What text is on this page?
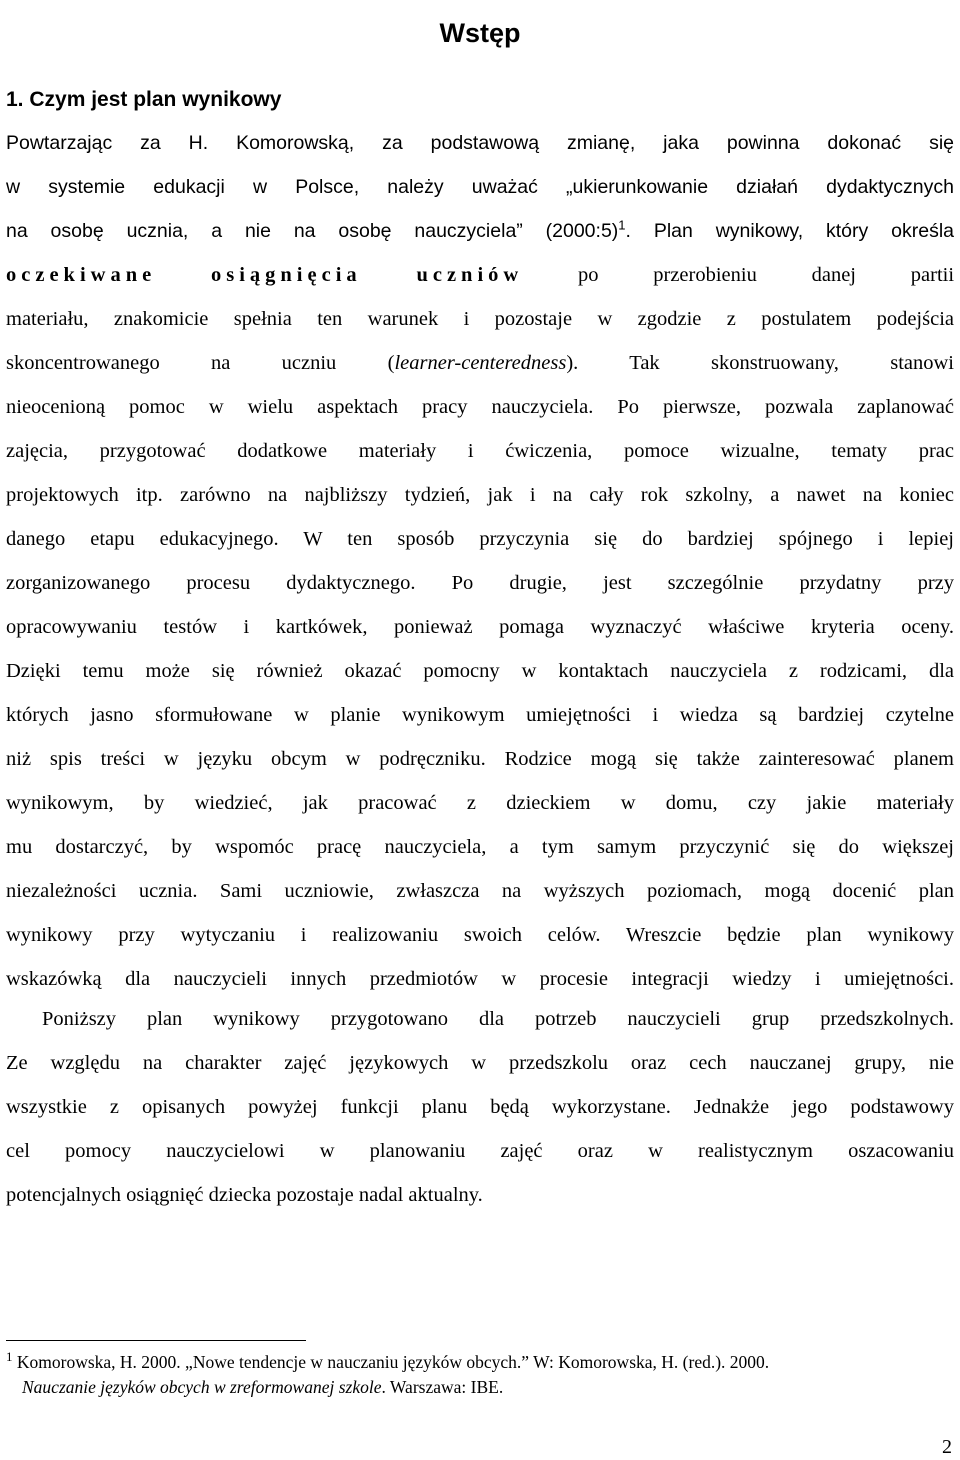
Wstęp
1. Czym jest plan wynikowy
Powtarzając za H. Komorowską, za podstawową zmianę, jaka powinna dokonać się
w systemie edukacji w Polsce, należy uważać „ukierunkowanie działań dydaktycznych
na osobę ucznia, a nie na osobę nauczyciela” (2000:5)$^1$. Plan wynikowy, który określa
oczekiwane	osiągnięcia	uczniów	po przerobieniu danej partii
materiału, znakomicie spełnia ten warunek i pozostaje w zgodzie z postulatem podejścia
skoncentrowanego na uczniu (learner-centeredness). Tak skonstruowany, stanowi
nieocenioną pomoc w wielu aspektach pracy nauczyciela. Po pierwsze, pozwala zaplanować
zajęcia, przygotować dodatkowe materiały i ćwiczenia, pomoce wizualne, tematy prac
projektowych itp. zarówno na najbliższy tydzień, jak i na cały rok szkolny, a nawet na koniec
danego etapu edukacyjnego. W ten sposób przyczynia się do bardziej spójnego i lepiej
zorganizowanego procesu dydaktycznego. Po drugie, jest szczególnie przydatny przy
opracowywaniu testów i kartkówek, ponieważ pomaga wyznaczyć właściwe kryteria oceny.
Dzięki temu może się również okazać pomocny w kontaktach nauczyciela z rodzicami, dla
których jasno sformułowane w planie wynikowym umiejętności i wiedza są bardziej czytelne
niż spis treści w języku obcym w podręczniku. Rodzice mogą się także zainteresować planem
wynikowym, by wiedzieć, jak pracować z dzieckiem w domu, czy jakie materiały
mu dostarczyć, by wspomóc pracę nauczyciela, a tym samym przyczynić się do większej
niezależności ucznia. Sami uczniowie, zwłaszcza na wyższych poziomach, mogą docenić plan
wynikowy przy wytyczaniu i realizowaniu swoich celów. Wreszcie będzie plan wynikowy
wskazówką dla nauczycieli innych przedmiotów w procesie integracji wiedzy i umiejętności.
Poniższy plan wynikowy przygotowano dla potrzeb nauczycieli grup przedszkolnych.
Ze względu na charakter zajęć językowych w przedszkolu oraz cech nauczanej grupy, nie
wszystkie z opisanych powyżej funkcji planu będą wykorzystane. Jednakże jego podstawowy
cel pomocy nauczycielowi w planowaniu zajęć oraz w realistycznym oszacowaniu
potencjalnych osiągnięć dziecka pozostaje nadal aktualny.
$^1$ Komorowska, H. 2000. „Nowe tendencje w nauczaniu języków obcych.” W: Komorowska, H. (red.). 2000.
Nauczanie języków obcych w zreformowanej szkole. Warszawa: IBE.
2
